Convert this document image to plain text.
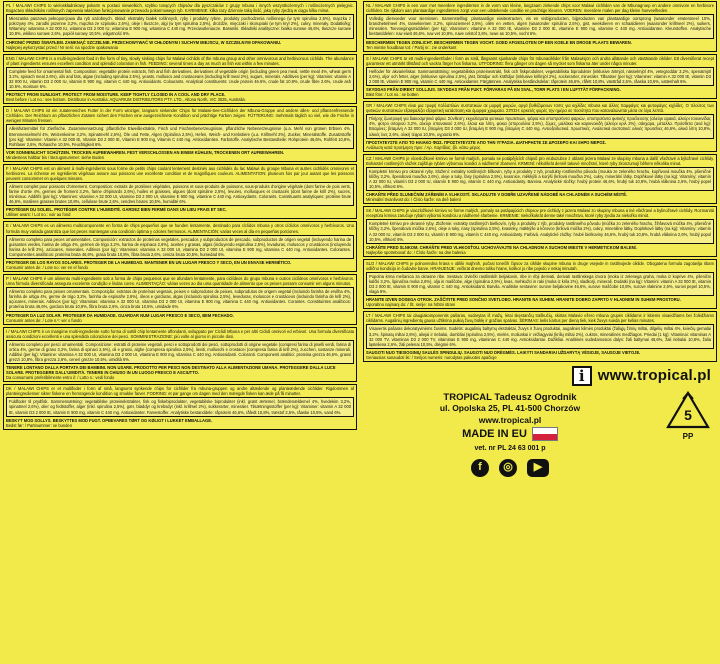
PL / MALAWI CHIPS to wieloskładnikowy pokarm w postaci niewielkich, szybko tonących chipsów dla pyszczaków z grupy mbuna i innych wszystkożernych i roślinożernych pielęgnic. Bogactwo składników roślinnych zapewnia właściwe funkcjonowanie przewodu pokarmowego ryb. KARMIENIE: kilka razy dziennie taką ilość, jaką ryby zjedzą w ciągu kilku minut.
Mieszanka paszowa pełnoporcjowa dla ryb ozdobnych. Skład: ekstrakty białek roślinnych, ryby i produkty rybne, produkty pochodzenia roślinnego (w tym spirulina 2,5%), mączka z pokrzywy 4%, zarodki pszenne 3,2%, mączka ze szpinaku 2,6%), oleje i tłuszcze, algi (w tym spirulina 2,5%), drożdże, mięczaki i skorupiaki (w tym kryl 2%), cukry, minerały. Dodatki/kg: Witaminy: witamina A 32 000 IU, witamina D3 2 000 IU, witamina E 900 mg, witamina C 440 mg. Przeciwutleniacze. Barwniki. Składniki analityczne: białko surowe 46,6%, tłuszcze surowe 10,8%, włókno surowe 2,6%, popiół surowy 10,5%, wilgotność 6%.
CHRONIĆ PRZED ŚWIATŁEM. ZAMKNĄĆ SZCZELNIE. PRZECHOWYWAĆ W CHŁODNYM I SUCHYM MIEJSCU, W SZCZELNYM OPAKOWANIU.
Najlepiej wykorzystać przed / Nr serii: na spodzie opakowania
ENG / MALAWI CHIPS is a multi-ingredient food in the form of tiny, slowly sinking chips for Malawi cichlids of the mbuna group and other omnivorous and herbivorous cichlids. The abundance of plant ingredients ensures excellent condition and splendid coloration in fish. FEEDING: several times a day as much as fish eat within a few minutes.
Complete feed for ornamental fish. Composition: vegetable protein extracts, fish and fish derivatives, derivatives of vegetable origin (including green pea meal, nettle meal 4%, wheat germ 3.2%, spinach meal 2.6%), oils and fats, algae (including spirulina 2.5%), yeasts, molluscs and crustaceans (including krill meal 2%), sugars, minerals. Additives (per kg): Vitamins: vitamin A 32 000 IU, vitamin D3 2 000 IU, vitamin E 900 mg, vitamin C 440 mg. Antioxidants. Colourants. Analytical constituents: crude protein 46.6%, crude fat 10.8%, crude fibre 2.6%, crude ash 10.5%, moisture 6%.
PROTECT FROM SUNLIGHT. PROTECT FROM MOISTURE. KEEP TIGHTLY CLOSED IN A COOL AND DRY PLACE.
Best before / Lot no.: see bottom. Distributor in Australia: AQUARIUM DISTRIBUTORS PTY. LTD., Altona North, VIC 3025, Australia.
D / MALAWI CHIPS ist ein zutatenreiches Futter in der Form winziger, langsam sinkender Chips für Malawi-See-Cichliden der Mbuna-Gruppe und andere alles- und pflanzenfressende Cichliden. Der Reichtum an pflanzlichen Zutaten sichert den Fischen eine ausgezeichnete Kondition und prächtige Farben zeigen. FÜTTERUNG: mehrmals täglich so viel, wie die Fische in wenigen Minuten fressen.
Alleinfuttermittel für Zierfische. Zusammensetzung: pflanzliche Eiweißextrakte, Fisch und Fischnebenerzeugnisse, pflanzliche Nebenerzeugnisse (u.a. Mehl von grünen Erbsen 4%, Brennnesselmehl 4%, Weizenkeime 3,2%, Spinatmehl 2,6%), Öle und Fette, Algen (Spirulina 2,5%), Hefen, Weich- und Krebstiere (u.a. Krillmehl 2%), Zucker, Mineralstoffe. Zusatzstoffe (pro kg): Vitamine: Vitamin A 32 000 IE, Vitamin D3 2 000 IE, Vitamin E 900 mg, Vitamin C 440 mg. Antioxidantien. Farbstoffe. Analytische Bestandteile: Rohprotein 46,6%, Rohfett 10,8%, Rohfaser 2,6%, Rohasche 10,5%, Feuchtigkeit 6%.
VOR SONNENLICHT SCHÜTZEN. TROCKEN AUFBEWAHREN. FEST VERSCHLOSSEN AN EINEM KÜHLEN, TROCKENEN ORT AUFBEWAHREN.
Mindestens haltbar bis / Bezugsnummer: siehe Boden
F / MALAWI CHIPS est un aliment à multi-ingrédients sous forme de petits chips coulant lentement destinés aux cichlidés du lac Malawi du groupe Mbuna et autres cichlidés omnivores et herbivores. La richesse en ingrédients végétaux assure aux poissons une excellente condition et de magnifiques couleurs. ALIMENTATION: plusieurs fois par jour autant que les poissons peuvent consommer en quelques minutes.
Aliment complet pour poissons d'ornement. Composition: extraits de protéines végétales, poissons et sous-produits de poissons, sous-produits d'origine végétale (dont farine de pois verts, farine d'ortie 4%, germes de froment 3,2%, farine d'épinards 2,6%), huiles et graisses, algues (dont spiruline 2,5%), levures, mollusques et crustacés (dont farine de krill 2%), sucres, minéraux. Additifs (par kg): Vitamines: vitamine A 32 000 UI, vitamine D3 2 000 UI, vitamine E 900 mg, vitamine C 440 mg. Antioxydants. Colorants. Constituants analytiques: protéine brute 46,6%, matières grasses brutes 10,8%, cellulose brute 2,6%, cendres brutes 10,5%, humidité 6%.
PROTÉGER DU SOLEIL. PROTÉGER CONTRE L'HUMIDITÉ. GARDEZ BIEN FERMÉ DANS UN LIEU FRAIS ET SEC.
Utiliser avant: / Lot no.: voir au fond
E / MALAWI CHIPS es un alimento multicomponente en forma de chips pequeños que se hunden lentamente, destinado para cíclidos mbuna y otros cíclidos omnívoros y herbívoros. Una formula muy variada garantiza que los peces mantengan una condición óptima y colores hermosos. ALIMENTACIÓN: varias veces al día en pequeñas porciones.
Alimento completo para peces ornamentales. Composición: extractos de proteínas vegetales, pescados y subproductos de pescado, subproductos de origen vegetal (incluyendo harina de guisantes verdes, harina de ortiga 4%, germen de trigo 3,2%, harina de espinaca 2,6%), aceites y grasas, algas (incluyendo espirulina 2,5%), levaduras, moluscos y crustáceos (incluyendo harina de krill 2%), azúcares, minerales. Aditivos (por kg): Vitaminas: vitamina A 32 000 UI, vitamina D3 2 000 UI, vitamina E 900 mg, vitamina C 440 mg. Antioxidantes. Colorantes. Componentes analíticos: proteína bruta 46,6%, grasa bruta 10,8%, fibra bruta 2,6%, ceniza bruta 10,5%, humedad 6%.
PROTEGER DE LOS RAYOS SOLARES. PROTEGER DE LA HUMEDAD. MANTENER EN UN LUGAR FRESCO Y SECO, EN UN ENVASE HERMÉTICO.
Consumir antes de: / Lote no: ver en el fondo
P / MALAWI CHIPS é um alimento multi-ingrediente sob a forma de chips pequenos que se afundam lentamente, para ciclídeos do grupo mbuna e outros ciclídeos omnívoros e herbívoros. Uma fórmula diversificada assegura excelente condição e lindas cores. ALIMENTAÇÃO: várias vezes ao dia uma quantidade de alimento que os peixes possam consumir em alguns minutos.
Alimento completo para peixes ornamentais. Composição: extratos de proteínas vegetais, peixes e subprodutos de peixes, subprodutos de origem vegetal (incluindo farinha de ervilha 4%, farinha de urtiga 4%, germe de trigo 3,2%, farinha de espinafre 2,6%), óleos e gorduras, algas (incluindo spirulina 2,5%), leveduras, moluscos e crustáceos (incluindo farinha de krill 2%), açúcares, minerais. Aditivos (por kg): Vitaminas: vitamina A 32 000 UI, vitamina D3 2 000 UI, vitamina E 900 mg, vitamina C 440 mg. Antioxidantes. Corantes. Constituintes analíticos: proteína bruta 46,6%, gordura bruta 10,8%, fibra bruta 2,6%, cinza bruta 10,5%, umidade 6%.
PROTEGER DA LUZ SOLAR. PROTEGER DA HUMIDADE. GUARDAR NUM LUGAR FRESCO E SECO, BEM FECHADO.
Consumir antes de: / Lote n.º: ver o fundo
I / MALAWI CHIPS è un mangime multi-ingrediente sotto forma di sottili chip lentamente affondanti, sviluppato per Ciclidi Mbuna e per altri Ciclidi onnivori ed erbivori. Una formula diversificata assicura condizioni eccellenti e una splendida colorazione dei pesci. SOMMINISTRAZIONE: più volte al giorno in piccole dosi.
Alimento completo per pesci ornamentali. Composizione: estratti di proteine vegetali, pesci e sottoprodotti dei pesci, sottoprodotti di origine vegetale (compresi farina di piselli verdi, farina di ortica 4%, germe di grano 3,2%, farina di spinaci 2,6%), oli e grassi, alghe (compresa spirulina 2,5%), lieviti, molluschi e crostacei (compresa farina di krill 2%), zuccheri, sostanze minerali. Additivi (per kg): Vitamine: vitamina A 32 000 UI, vitamina D3 2 000 UI, vitamina E 900 mg, vitamina C 440 mg. Antiossidanti. Coloranti. Componenti analitici: proteina grezza 46,6%, grassi grezzi 10,8%, fibra grezza 2,6%, ceneri grezze 10,5%, umidità 6%.
TENERE LONTANO DALLA PORTATA DEI BAMBINI. NON USARE. PRODOTTO PER PESCI NON DESTINATO ALLA ALIMENTAZIONE UMANA. PROTEGGERE DALLA LUCE SOLARE. PROTEGGERE DALL'UMIDITÀ. TENERE IN CHIUSO IN UN LUOGO FRESCO E ASCIUTTO.
Da consumarsi preferibilmente entro il: / Lotto n.: vedi fondo
DK / MALAWI CHIPS er et multifoder i form af små, langsomt synkende chips for cichlider fra mbuna-gruppen og andre altædende og planteædende cichlider. Rigdommen af planteingredienser sikrer fiskene en fremragende kondition og smukke farver. FODRING: et par gange om dagen med den mængde fisken kan æde på få minutter.
Fuldfoder til prydfisk. Sammensætning: vegetabilske proteinekstrakter, fisk og fiskebiprodukter, vegetabilske biprodukter (inkl. grønt ærtemel, brændenældemel 4%, hvedekim 3,2%, spinatmel 2,6%), olier og fedtstoffer, alger (inkl. spirulina 2,5%), gær, bløddyr og krebsdyr (inkl. krillmel 2%), sukkerarter, mineraler. Tilsætningsstoffer (per kg): Vitaminer: vitamin A 32 000 IE, vitamin D3 2 000 IE, vitamin E 900 mg, vitamin C 440 mg. Antioxidanter. Farvestoffer. Analytiske bestanddele: råprotein 46,6%, råfedt 10,8%, træstof 2,6%, råaske 10,5%, vand 6%.
BESKYT MOD SOLLYS. BESKYTTES MOD FUGT. OPBEVARES TØRT OG KØLIGT I LUKKET EMBALLAGE.
Bedst før: / Partinummer: se bunden
NL / MALAWI CHIPS is een voer met meerdere ingrediënten in de vorm van kleine, langzaam zinkende chips voor Malawi cichliden van de Mbunagroep en andere omnivore en herbivore cichliden. De rijkdom aan plantaardige ingrediënten zorgt voor een uitstekende conditie en prachtige kleuren. VOEREN: meerdere malen per dag kleine hoeveelheden.
Volledig diervoeder voor siervissen. Samenstelling: plantaardige eiwitextracten, vis en visbijproducten, bijproducten van plantaardige oorsprong (waaronder erwtenmeel 10%, brandnetelmeel 4%, tarwekiemen 3,2%, spinaziemeel 2,6%), oliën en vetten, algen (waaronder spirulina 2,5%), gist, weekdieren en schaaldieren (waaronder krillmeel 2%), suikers, mineralen. Toevoegingsmiddelen (per kg): Vitaminen: vitamine A 32 000 IE, vitamine D3 2 000 IE, vitamine E 900 mg, vitamine C 440 mg. Antioxidanten. Kleurstoffen. Analytische bestanddelen: ruw eiwit 46,6%, ruw vet 10,8%, ruwe celstof 2,6%, ruwe as 10,5%, vocht 6%.
BESCHERMEN TEGEN ZONLICHT. BESCHERMEN TEGEN VOCHT. GOED AFGESLOTEN OP EEN KOELE EN DROGE PLAATS BEWAREN.
Ten minste houdbaar tot: / Partij nr.: zie onderkant
S / MALAWI CHIPS är ett multi-ingredientfoder i form av små, långsamt sjunkande chips för mbunaciklider från Malawisjön och andra allätande och växtätande ciklider. Ett diversifierat recept garanterar ett utmärkt tillstånd och vackra färger hos fiskarna. UTFODRING: flera gånger om dagen så mycket som fiskarna äter under några minuter.
Helfoder för akvariefiskar. Sammansättning: vegetabiliska proteinextrakt, fisk och fiskprodukter, vegetabiliska biprodukter (inklusive ärtmjöl, nässelmjöl 4%, vetegroddar 3,2%, spenatmjöl 2,6%), oljor och fetter, alger (inklusive spirulina 2,5%), jäst, blötdjur och kräftdjur (inklusive krillmjöl 2%), sockerarter, mineraler. Tillsatser (per kg): Vitaminer: vitamin A 32 000 IE, vitamin D3 2 000 IE, vitamin E 900 mg, vitamin C 440 mg. Antioxidanter. Färgämnen. Analytiska beståndsdelar: råprotein 46,6%, råfett 10,8%, växttråd 2,6%, råaska 10,5%, vattenhalt 6%.
SKYDDAS FRÅN DIREKT SOLLJUS. SKYDDAS FRÅN FUKT. FÖRVARAS PÅ EN SVAL, TORR PLATS I EN LUFTTÄT FÖRPACKNING.
Bäst före: / Lot no.: se botten
GR / MALAWI CHIPS είναι μια τροφή πολλαπλών συστατικών σε μορφή μικρών, αργά βυθιζόμενων τσιπς για κιχλίδες mbuna και άλλες παμφάγες και φυτοφάγες κιχλίδες. Ο πλούτος των φυτικών συστατικών εξασφαλίζει εξαιρετική κατάσταση και όμορφα χρώματα. ΣΙΤΙΣΗ: αρκετές φορές την ημέρα σε ποσότητα που καταναλώνεται μέσα σε λίγα λεπτά.
Πλήρης ζωοτροφή για διακοσμητικά ψάρια. Σύνθεση: εκχυλίσματα φυτικών πρωτεϊνών, ψάρια και υποπροϊόντα ψαριών, υποπροϊόντα φυτικής προέλευσης (αλεύρι αρακά, αλεύρι τσουκνίδας 4%, φύτρο σιταριού 3,2%, αλεύρι σπανακιού 2,6%), έλαια και λίπη, φύκια (σπιρουλίνα 2,5%), ζύμες, μαλάκια και καρκινοειδή (αλεύρι κριλ 2%), σάκχαρα, μέταλλα. Πρόσθετα (ανά kg): Βιταμίνες: βιταμίνη A 32 000 IU, βιταμίνη D3 2 000 IU, βιταμίνη E 900 mg, βιταμίνη C 440 mg. Αντιοξειδωτικά. Χρωστικές. Αναλυτικά συστατικά: ολικές πρωτεΐνες 46,6%, ολικά λίπη 10,8%, ολικές ίνες 2,6%, ολική τέφρα 10,5%, υγρασία 6%.
ΠΡΟΣΤΑΤΕΥΣΤΕ ΑΠΟ ΤΟ ΗΛΙΑΚΟ ΦΩΣ. ΠΡΟΣΤΑΤΕΥΣΤΕ ΑΠΟ ΤΗΝ ΥΓΡΑΣΙΑ. ΔΙΑΤΗΡΗΣΤΕ ΣΕ ΔΡΟΣΕΡΟ ΚΑΙ ΞΗΡΟ ΜΕΡΟΣ.
Ανάλωση κατά προτίμηση πριν: / Αρ. παρτίδας: βλ. κάτω μέρος
CZ / MALAWI CHIPS je vícesložkové krmivo ve formě malých, pomalu se potápějících chipsů pro vrubozubce z oblasti jezera Malawi ze skupiny mbuna a další všežravé a býložravé cichlidy. Bohatství rostlinných složek zajišťuje rybám výbornou kondici a nádherné zbarvení. KRMENÍ: několikrát denně takové množství, které ryby zkonzumují během několika minut.
Kompletní krmivo pro okrasné ryby. Složení: extrakty rostlinných bílkovin, ryby a produkty z ryb, produkty rostlinného původu (mouka ze zeleného hrachu, kopřivová moučka 4%, pšeničné klíčky 3,2%, špenátová moučka 2,6%), oleje a tuky, řasy (spirulina 2,5%), kvasnice, měkkýši a korýši (krilová moučka 2%), cukry, minerální látky. Doplňkové látky (na kg): Vitamíny: vitamín A 32 000 IU, vitamín D3 2 000 IU, vitamín E 900 mg, vitamín C 440 mg. Antioxidanty. Barviva. Analytické složky: hrubý protein 46,6%, hrubý tuk 10,8%, hrubá vláknina 2,6%, hrubý popel 10,5%, vlhkost 6%.
CHRAŇTE PŘED SLUNEČNÍM ZÁŘENÍM A VLHKOSTÍ. SKLADUJTE V DOBŘE UZAVŘENÉ NÁDOBĚ NA CHLADNÉM A SUCHÉM MÍSTĚ.
Minimální trvanlivost do: / Číslo šarže: na dně balení
SK / MALAWI CHIPS je viaczložkové krmivo vo forme malých, pomaly sa potápajúcich chipsov pre cichlidy z jazera Malawi zo skupiny mbuna a iné všežravé a bylinožravé cichlidy. Rozmanitá receptúra krmiva zaručuje rybám výbornú kondíciu a nádherné sfarbenie. KRMENIE: niekoľkokrát denne také množstvo, ktoré ryby zjedia za niekoľko minút.
Kompletné krmivo pre okrasné ryby. Zloženie: extrakty rastlinných bielkovín, ryby a produkty z rýb, produkty rastlinného pôvodu (múčka zo zeleného hrachu, žihľavová múčka 4%, pšeničné klíčky 3,2%, špenátová múčka 2,6%), oleje a tuky, riasy (spirulina 2,5%), kvasinky, mäkkýše a kôrovce (krilová múčka 2%), cukry, minerálne látky. Doplnkové látky (na kg): Vitamíny: vitamín A 32 000 IU, vitamín D3 2 000 IU, vitamín E 900 mg, vitamín C 440 mg. Antioxidanty. Farbivá. Analytické zložky: hrubé bielkoviny 46,6%, hrubý tuk 10,8%, hrubá vláknina 2,6%, hrubý popol 10,5%, vlhkosť 6%.
CHRÁŇTE PRED SLNKOM. CHRÁŇTE PRED VLHKOSŤOU. UCHOVÁVAJTE NA CHLADNOM A SUCHOM MIESTE V HERMETICKOM BALENÍ.
Najlepšie spotrebovať do: / Číslo šarže: na dne balenia
SLO / MALAWI CHIPS je polnovredna hrana v obliki majhnih, počasi tonečih čipsov za ciklide skupine mbuna in druge vsejede in rastlinojede ciklide. Obogatena formula zagotavlja ribam odlično kondicijo in čudovite barve. HRANJENJE: večkrat dnevno toliko hrane, kolikor jo ribe pojedo v nekaj minutah.
Popolna krma mešanica za okrasne ribe. Sestava: izvlečki rastlinskih beljakovin, ribe in ribji derivati, derivati rastlinskega izvora (moka iz zelenega graha, moka iz koprive 4%, pšenični kalčki 3,2%, špinačna moka 2,6%), olja in maščobe, alge (spirulina 2,5%), kvas, mehkužci in raki (moka iz krila 2%), sladkorji, minerali. Dodatki (na kg): Vitamini: vitamin A 32 000 IE, vitamin D3 2 000 IE, vitamin E 900 mg, vitamin C 440 mg. Antioksidanti. Barvila. Analitske sestavine: surove beljakovine 46,6%, surove maščobe 10,8%, surove vlaknine 2,6%, surovi pepel 10,5%, vlaga 6%.
HRANITE IZVEN DOSEGA OTROK. ZAŠČITITE PRED SONČNO SVETLOBO. HRANITE NA SUHEM. HRANITE DOBRO ZAPRTO V HLADNEM IN SUHEM PROSTORU.
Uporabno najmanj do: / Št. serije: na hrbtni strani
LT / MALAWI CHIPS tai daugiakomponentis pašaras, sudarytas iš mažų, lėtai skęstančių traškučių, skirtas Malavio ežero mbuna grupės ciklidams ir kitiems visaėdžiams bei žolėdžiams ciklidams. Augalinių ingredientų gausa užtikrina puikią žuvų būklę ir gražias spalvas. ŠĖRIMAS: kelis kartus per dieną tiek, kiek žuvys suėda per kelias minutes.
Visavertis pašaras dekoratyvinėms žuvims. Sudėtis: augalinių baltymų ekstraktai, žuvys ir žuvų produktai, augalinės kilmės produktai (žaliųjų žirnių miltai, dilgėlių miltai 4%, kviečių gemalai 3,2%, špinatų miltai 2,6%), aliejai ir riebalai, dumbliai (spirulina 2,5%), mielės, moliuskai ir vėžiagyviai (krilių miltai 2%), cukrūs, mineralinės medžiagos. Priedai (1 kg): Vitaminai: vitaminas A 32 000 TV, vitaminas D3 2 000 TV, vitaminas E 900 mg, vitaminas C 440 mg. Antioksidantai. Dažikliai. Analitinės sudedamosios dalys: žali baltymai 46,6%, žali riebalai 10,8%, žalia ląsteliena 2,6%, žali pelenai 10,5%, drėgmė 6%.
SAUGOTI NUO TIESIOGINIŲ SAULĖS SPINDULIŲ. SAUGOTI NUO DRĖGMĖS. LAIKYTI SANDARIAI UŽDARYTĄ VĖSIOJE, SAUSOJE VIETOJE.
Geriausias sunaudoti iki: / Serijos numeris: nurodytas pakuotės apačioje
i www.tropical.pl
TROPICAL Tadeusz Ogrodnik
ul. Opolska 25, PL 41-500 Chorzów
www.tropical.pl
MADE IN EU
vet. nr PL 24 63 001 p
f	◎	▶
5
PP
